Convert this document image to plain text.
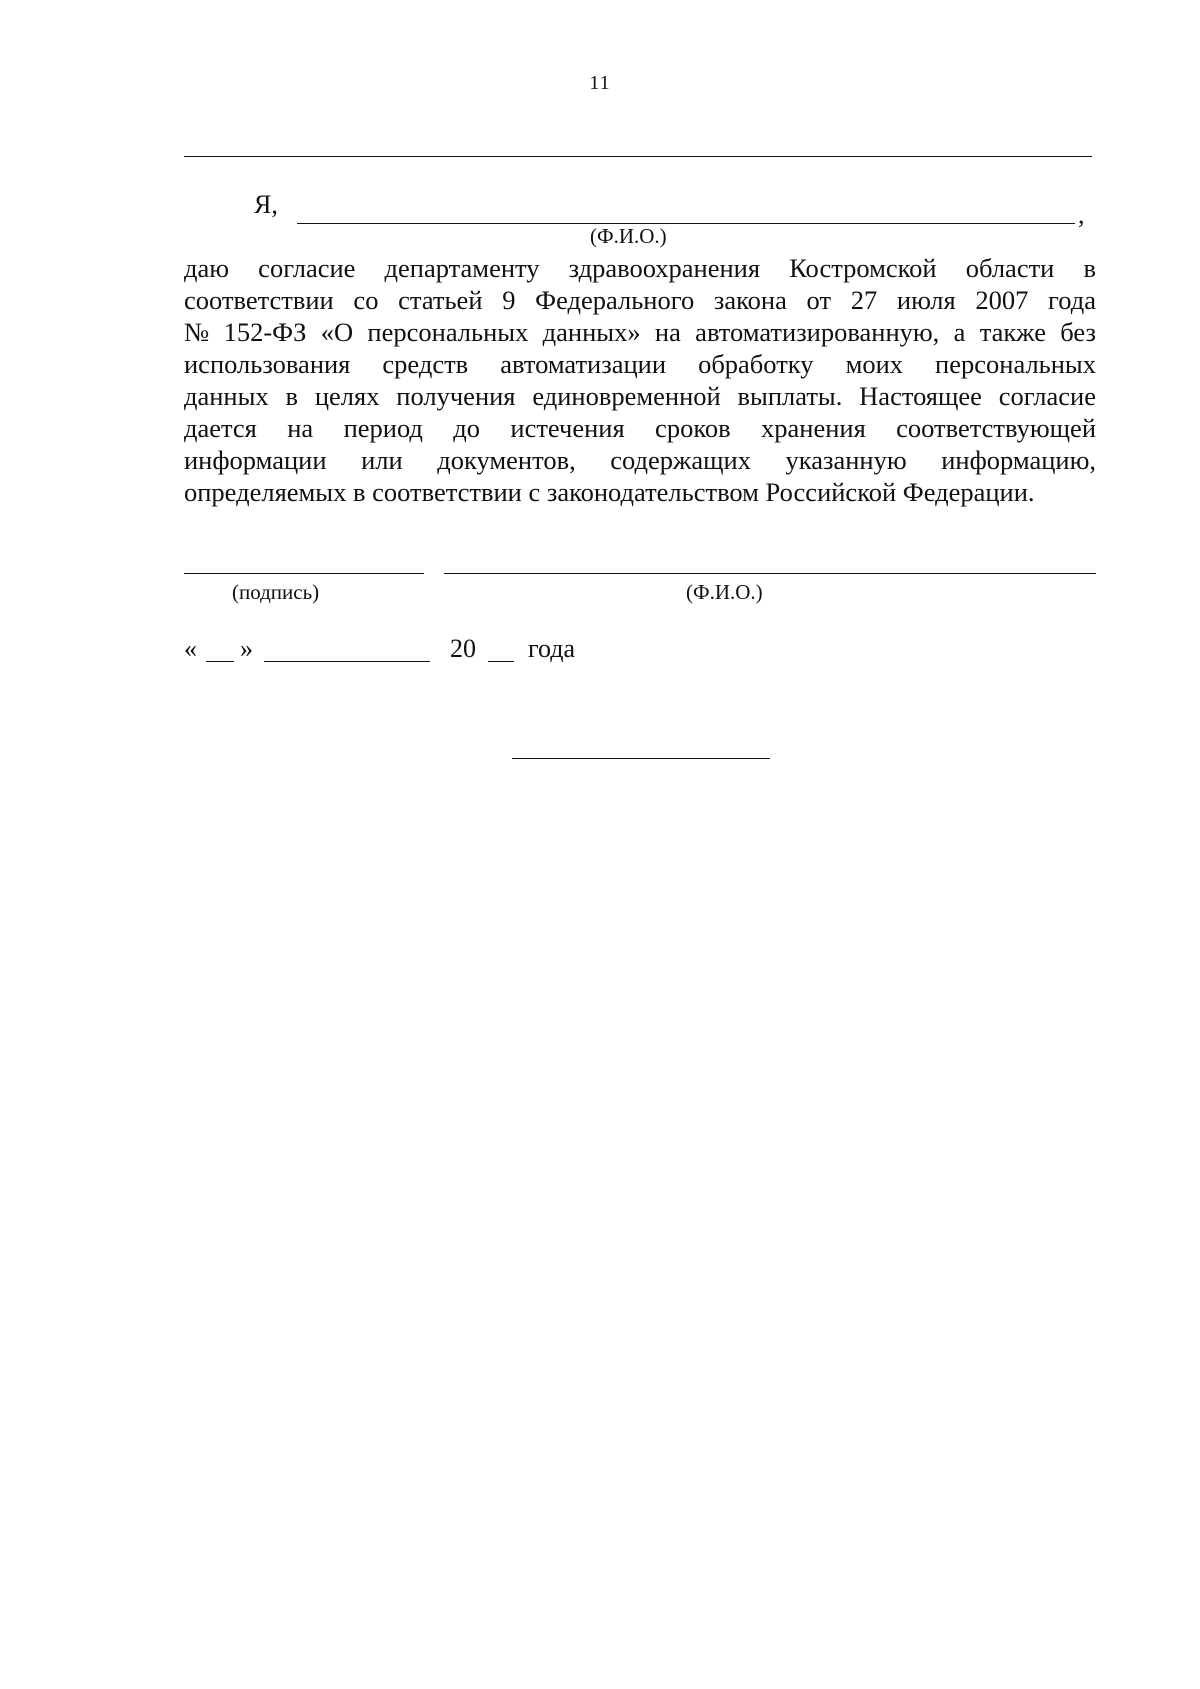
11
Я,	,
(Ф.И.О.)
даю согласие департаменту здравоохранения Костромской области в
соответствии со статьей 9 Федерального закона от 27 июля 2007 года
№ 152-ФЗ «О персональных данных» на автоматизированную, а также без
использования средств автоматизации обработку моих персональных
данных в целях получения единовременной выплаты. Настоящее согласие
дается на период до истечения сроков хранения соответствующей
информации или документов, содержащих указанную информацию,
определяемых в соответствии с законодательством Российской Федерации.
(подпись)	(Ф.И.О.)
« »	20 года
